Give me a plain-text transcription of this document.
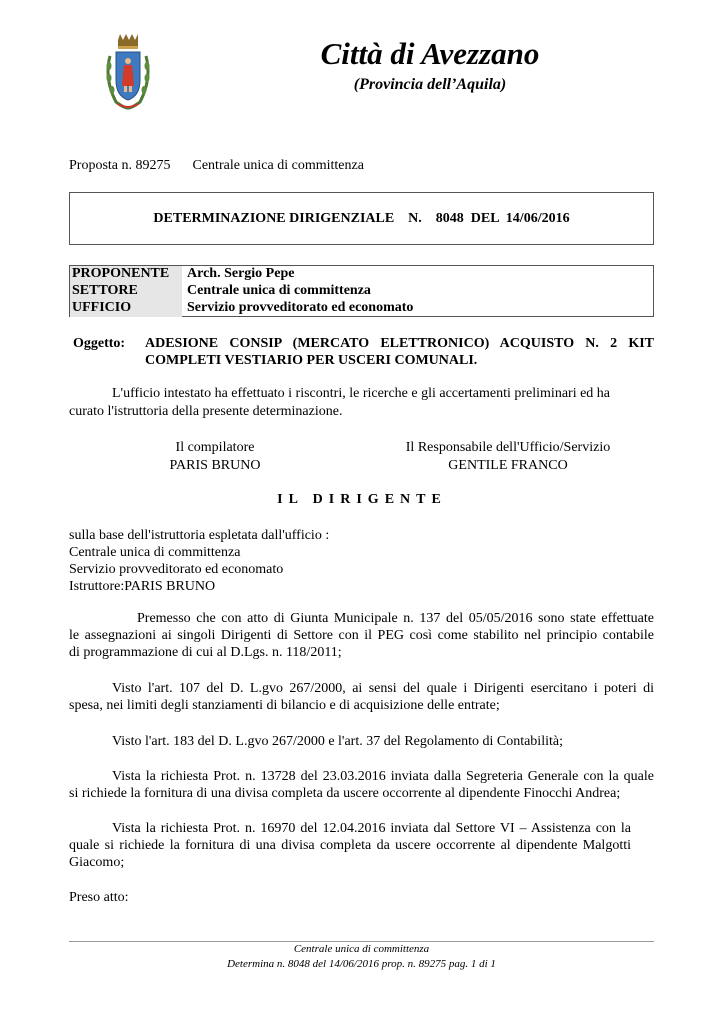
Città di Avezzano
(Provincia dell’Aquila)
Proposta n. 89275 Centrale unica di committenza
DETERMINAZIONE DIRIGENZIALE    N.    8048  DEL  14/06/2016
PROPONENTE	Arch. Sergio Pepe
SETTORE	Centrale unica di committenza
UFFICIO	Servizio provveditorato ed economato
Oggetto: ADESIONE CONSIP (MERCATO ELETTRONICO) ACQUISTO N. 2 KIT
COMPLETI VESTIARIO PER USCERI COMUNALI.
L'ufficio intestato ha effettuato i riscontri, le ricerche e gli accertamenti preliminari ed ha
curato l'istruttoria della presente determinazione.
Il compilatore
PARIS BRUNO
Il Responsabile dell'Ufficio/Servizio
GENTILE FRANCO
IL DIRIGENTE
sulla base dell'istruttoria espletata dall'ufficio :
Centrale unica di committenza
Servizio provveditorato ed economato
Istruttore:PARIS BRUNO
Premesso che con atto di Giunta Municipale n. 137 del 05/05/2016 sono state effettuate
le assegnazioni ai singoli Dirigenti di Settore con il PEG così come stabilito nel principio contabile
di programmazione di cui al D.Lgs. n. 118/2011;
Visto l'art. 107 del D. L.gvo 267/2000, ai sensi del quale i Dirigenti esercitano i poteri di
spesa, nei limiti degli stanziamenti di bilancio e di acquisizione delle entrate;
Visto l'art. 183 del D. L.gvo 267/2000 e l'art. 37 del Regolamento di Contabilità;
Vista la richiesta Prot. n. 13728 del 23.03.2016 inviata dalla Segreteria Generale con la quale
si richiede la fornitura di una divisa completa da uscere occorrente al dipendente Finocchi Andrea;
Vista la richiesta Prot. n. 16970 del 12.04.2016 inviata dal Settore VI – Assistenza con la
quale si richiede la fornitura di una divisa completa da uscere occorrente al dipendente Malgotti
Giacomo;
Preso atto:
Centrale unica di committenza
Determina n. 8048 del 14/06/2016 prop. n. 89275 pag. 1 di 1
